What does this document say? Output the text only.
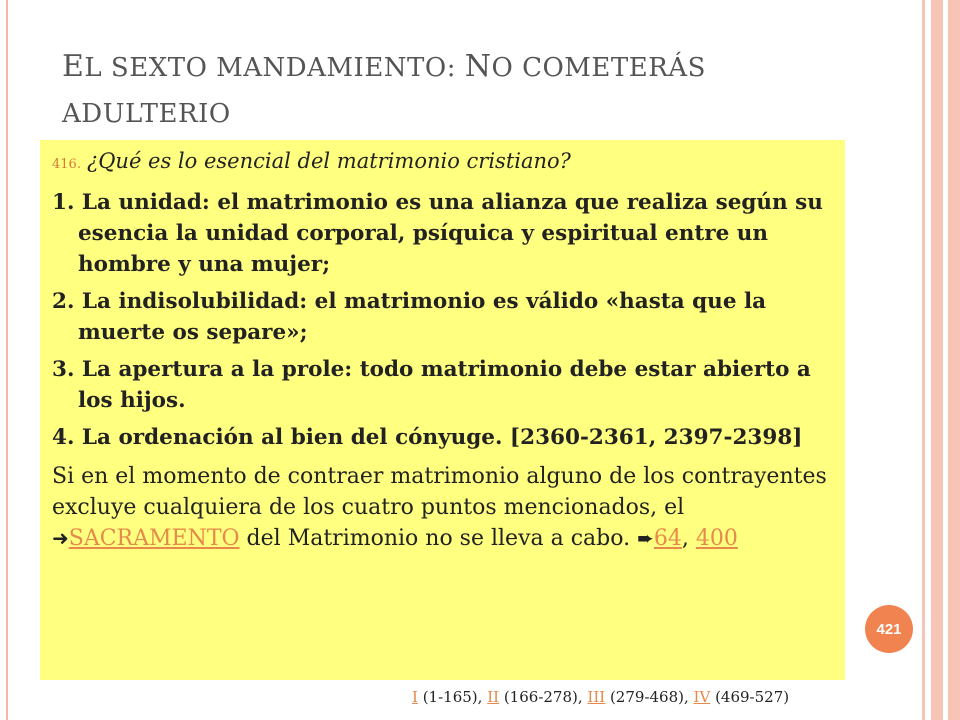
EL SEXTO MANDAMIENTO: NO COMETERÁS
ADULTERIO
416. ¿Qué es lo esencial del matrimonio cristiano?
1. La unidad: el matrimonio es una alianza que realiza según su esencia la unidad corporal, psíquica y espiritual entre un hombre y una mujer;
2. La indisolubilidad: el matrimonio es válido «hasta que la muerte os separe»;
3. La apertura a la prole: todo matrimonio debe estar abierto a los hijos.
4. La ordenación al bien del cónyuge. [2360-2361, 2397-2398]
Si en el momento de contraer matrimonio alguno de los contrayentes excluye cualquiera de los cuatro puntos mencionados, el ➜SACRAMENTO del Matrimonio no se lleva a cabo. ➨64, 400
421
I (1-165), II (166-278), III (279-468), IV (469-527)
